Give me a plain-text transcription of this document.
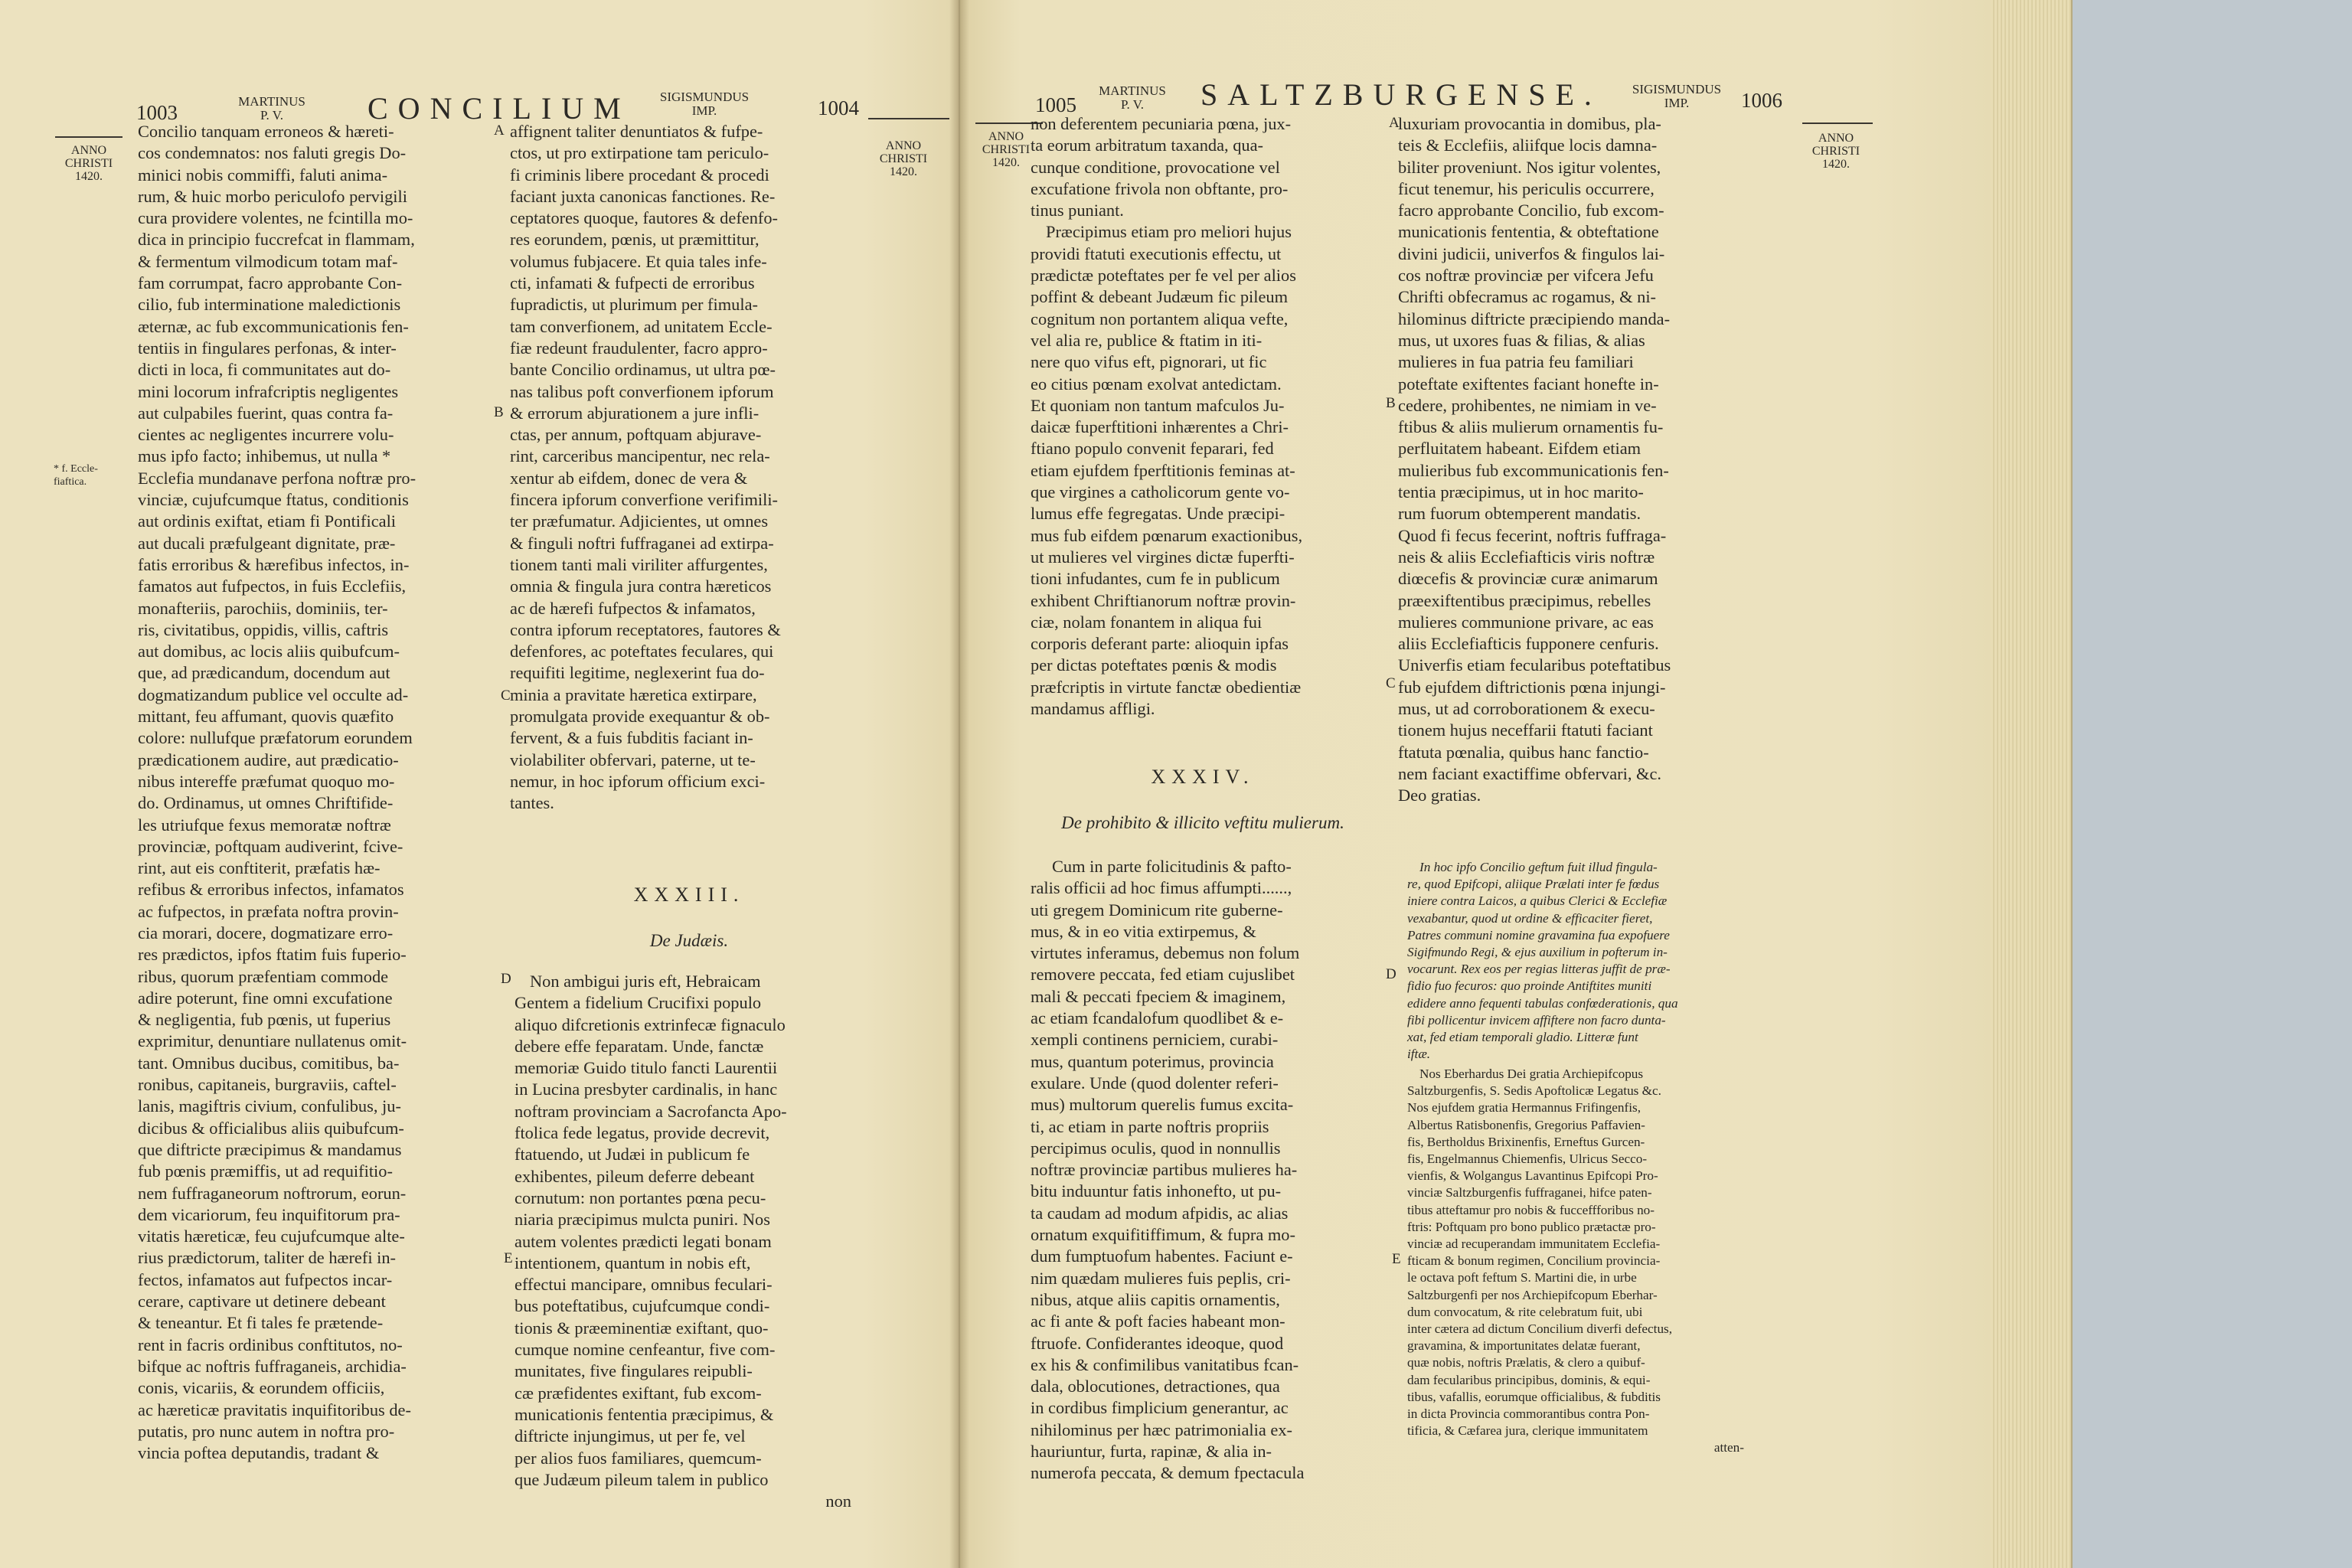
1003	MARTINUS
P. V.	CONCILIUM	SIGISMUNDUS
IMP.	1004
ANNO
CHRISTI
1420.
ANNO
CHRISTI
1420.
* f. Eccle-
fiaftica.
Concilio tanquam erroneos & hæreti-
cos condemnatos: nos faluti gregis Do-
minici nobis commiffi, faluti anima-
rum, & huic morbo periculofo pervigili
cura providere volentes, ne fcintilla mo-
dica in principio fuccrefcat in flammam,
& fermentum vilmodicum totam maf-
fam corrumpat, facro approbante Con-
cilio, fub interminatione maledictionis
æternæ, ac fub excommunicationis fen-
tentiis in fingulares perfonas, & inter-
dicti in loca, fi communitates aut do-
mini locorum infrafcriptis negligentes
aut culpabiles fuerint, quas contra fa-
cientes ac negligentes incurrere volu-
mus ipfo facto; inhibemus, ut nulla *
Ecclefia mundanave perfona noftræ pro-
vinciæ, cujufcumque ftatus, conditionis
aut ordinis exiftat, etiam fi Pontificali
aut ducali præfulgeant dignitate, præ-
fatis erroribus & hærefibus infectos, in-
famatos aut fufpectos, in fuis Ecclefiis,
monafteriis, parochiis, dominiis, ter-
ris, civitatibus, oppidis, villis, caftris
aut domibus, ac locis aliis quibufcum-
que, ad prædicandum, docendum aut
dogmatizandum publice vel occulte ad-
mittant, feu affumant, quovis quæfito
colore: nullufque præfatorum eorundem
prædicationem audire, aut prædicatio-
nibus intereffe præfumat quoquo mo-
do. Ordinamus, ut omnes Chriftifide-
les utriufque fexus memoratæ noftræ
provinciæ, poftquam audiverint, fcive-
rint, aut eis conftiterit, præfatis hæ-
refibus & erroribus infectos, infamatos
ac fufpectos, in præfata noftra provin-
cia morari, docere, dogmatizare erro-
res prædictos, ipfos ftatim fuis fuperio-
ribus, quorum præfentiam commode
adire poterunt, fine omni excufatione
& negligentia, fub pœnis, ut fuperius
exprimitur, denuntiare nullatenus omit-
tant. Omnibus ducibus, comitibus, ba-
ronibus, capitaneis, burgraviis, caftel-
lanis, magiftris civium, confulibus, ju-
dicibus & officialibus aliis quibufcum-
que diftricte præcipimus & mandamus
fub pœnis præmiffis, ut ad requifitio-
nem fuffraganeorum noftrorum, eorun-
dem vicariorum, feu inquifitorum pra-
vitatis hæreticæ, feu cujufcumque alte-
rius prædictorum, taliter de hærefi in-
fectos, infamatos aut fufpectos incar-
cerare, captivare ut detinere debeant
& teneantur. Et fi tales fe prætende-
rent in facris ordinibus conftitutos, no-
bifque ac noftris fuffraganeis, archidia-
conis, vicariis, & eorundem officiis,
ac hæreticæ pravitatis inquifitoribus de-
putatis, pro nunc autem in noftra pro-
vincia poftea deputandis, tradant &
A
B
C
D
E
affignent taliter denuntiatos & fufpe-
ctos, ut pro extirpatione tam periculo-
fi criminis libere procedant & procedi
faciant juxta canonicas fanctiones. Re-
ceptatores quoque, fautores & defenfo-
res eorundem, pœnis, ut præmittitur,
volumus fubjacere. Et quia tales infe-
cti, infamati & fufpecti de erroribus
fupradictis, ut plurimum per fimula-
tam converfionem, ad unitatem Eccle-
fiæ redeunt fraudulenter, facro appro-
bante Concilio ordinamus, ut ultra pœ-
nas talibus poft converfionem ipforum
& errorum abjurationem a jure infli-
ctas, per annum, poftquam abjurave-
rint, carceribus mancipentur, nec rela-
xentur ab eifdem, donec de vera &
fincera ipforum converfione verifimili-
ter præfumatur. Adjicientes, ut omnes
& finguli noftri fuffraganei ad extirpa-
tionem tanti mali viriliter affurgentes,
omnia & fingula jura contra hæreticos
ac de hærefi fufpectos & infamatos,
contra ipforum receptatores, fautores &
defenfores, ac poteftates feculares, qui
requifiti legitime, neglexerint fua do-
minia a pravitate hæretica extirpare,
promulgata provide exequantur & ob-
fervent, & a fuis fubditis faciant in-
violabiliter obfervari, paterne, ut te-
nemur, in hoc ipforum officium exci-
tantes.
XXXIII.
De Judæis.
Non ambigui juris eft, Hebraicam
Gentem a fidelium Crucifixi populo
aliquo difcretionis extrinfecæ fignaculo
debere effe feparatam. Unde, fanctæ
memoriæ Guido titulo fancti Laurentii
in Lucina presbyter cardinalis, in hanc
noftram provinciam a Sacrofancta Apo-
ftolica fede legatus, provide decrevit,
ftatuendo, ut Judæi in publicum fe
exhibentes, pileum deferre debeant
cornutum: non portantes pœna pecu-
niaria præcipimus mulcta puniri. Nos
autem volentes prædicti legati bonam
intentionem, quantum in nobis eft,
effectui mancipare, omnibus feculari-
bus poteftatibus, cujufcumque condi-
tionis & præeminentiæ exiftant, quo-
cumque nomine cenfeantur, five com-
munitates, five fingulares reipubli-
cæ præfidentes exiftant, fub excom-
municationis fententia præcipimus, &
diftricte injungimus, ut per fe, vel
per alios fuos familiares, quemcum-
que Judæum pileum talem in publico
non
1005
MARTINUS
P. V.	SALTZBURGENSE.	SIGISMUNDUS
IMP.	1006
ANNO
CHRISTI
1420.
ANNO
CHRISTI
1420.
non deferentem pecuniaria pœna, jux-
ta eorum arbitratum taxanda, qua-
cunque conditione, provocatione vel
excufatione frivola non obftante, pro-
tinus puniant.
Præcipimus etiam pro meliori hujus
providi ftatuti executionis effectu, ut
prædictæ poteftates per fe vel per alios
poffint & debeant Judæum fic pileum
cognitum non portantem aliqua vefte,
vel alia re, publice & ftatim in iti-
nere quo vifus eft, pignorari, ut fic
eo citius pœnam exolvat antedictam.
Et quoniam non tantum mafculos Ju-
daicæ fuperftitioni inhærentes a Chri-
ftiano populo convenit feparari, fed
etiam ejufdem fperftitionis feminas at-
que virgines a catholicorum gente vo-
lumus effe fegregatas. Unde præcipi-
mus fub eifdem pœnarum exactionibus,
ut mulieres vel virgines dictæ fuperfti-
tioni infudantes, cum fe in publicum
exhibent Chriftianorum noftræ provin-
ciæ, nolam fonantem in aliqua fui
corporis deferant parte: alioquin ipfas
per dictas poteftates pœnis & modis
præfcriptis in virtute fanctæ obedientiæ
mandamus affligi.
XXXIV.
De prohibito & illicito veftitu mulierum.
Cum in parte folicitudinis & pafto-
ralis officii ad hoc fimus affumpti......,
uti gregem Dominicum rite guberne-
mus, & in eo vitia extirpemus, &
virtutes inferamus, debemus non folum
removere peccata, fed etiam cujuslibet
mali & peccati fpeciem & imaginem,
ac etiam fcandalofum quodlibet & e-
xempli continens perniciem, curabi-
mus, quantum poterimus, provincia
exulare. Unde (quod dolenter referi-
mus) multorum querelis fumus excita-
ti, ac etiam in parte noftris propriis
percipimus oculis, quod in nonnullis
noftræ provinciæ partibus mulieres ha-
bitu induuntur fatis inhonefto, ut pu-
ta caudam ad modum afpidis, ac alias
ornatum exquifitiffimum, & fupra mo-
dum fumptuofum habentes. Faciunt e-
nim quædam mulieres fuis peplis, cri-
nibus, atque aliis capitis ornamentis,
ac fi ante & poft facies habeant mon-
ftruofe. Confiderantes ideoque, quod
ex his & confimilibus vanitatibus fcan-
dala, oblocutiones, detractiones, qua
in cordibus fimplicium generantur, ac
nihilominus per hæc patrimonialia ex-
hauriuntur, furta, rapinæ, & alia in-
numerofa peccata, & demum fpectacula
A
B
C
D
E
luxuriam provocantia in domibus, pla-
teis & Ecclefiis, aliifque locis damna-
biliter proveniunt. Nos igitur volentes,
ficut tenemur, his periculis occurrere,
facro approbante Concilio, fub excom-
municationis fententia, & obteftatione
divini judicii, univerfos & fingulos lai-
cos noftræ provinciæ per vifcera Jefu
Chrifti obfecramus ac rogamus, & ni-
hilominus diftricte præcipiendo manda-
mus, ut uxores fuas & filias, & alias
mulieres in fua patria feu familiari
poteftate exiftentes faciant honefte in-
cedere, prohibentes, ne nimiam in ve-
ftibus & aliis mulierum ornamentis fu-
perfluitatem habeant. Eifdem etiam
mulieribus fub excommunicationis fen-
tentia præcipimus, ut in hoc marito-
rum fuorum obtemperent mandatis.
Quod fi fecus fecerint, noftris fuffraga-
neis & aliis Ecclefiafticis viris noftræ
diœcefis & provinciæ curæ animarum
præexiftentibus præcipimus, rebelles
mulieres communione privare, ac eas
aliis Ecclefiafticis fupponere cenfuris.
Univerfis etiam fecularibus poteftatibus
fub ejufdem diftrictionis pœna injungi-
mus, ut ad corroborationem & execu-
tionem hujus neceffarii ftatuti faciant
ftatuta pœnalia, quibus hanc fanctio-
nem faciant exactiffime obfervari, &c.
Deo gratias.
In hoc ipfo Concilio geftum fuit illud fingula-
re, quod Epifcopi, aliique Prælati inter fe fœdus
iniere contra Laicos, a quibus Clerici & Ecclefiæ
vexabantur, quod ut ordine & efficaciter fieret,
Patres communi nomine gravamina fua expofuere
Sigifmundo Regi, & ejus auxilium in pofterum in-
vocarunt. Rex eos per regias litteras juffit de præ-
fidio fuo fecuros: quo proinde Antiftites muniti
edidere anno fequenti tabulas confœderationis, qua
fibi pollicentur invicem affiftere non facro dunta-
xat, fed etiam temporali gladio. Litteræ funt
iftæ.
Nos Eberhardus Dei gratia Archiepifcopus
Saltzburgenfis, S. Sedis Apoftolicæ Legatus &c.
Nos ejufdem gratia Hermannus Frifingenfis,
Albertus Ratisbonenfis, Gregorius Paffavien-
fis, Bertholdus Brixinenfis, Erneftus Gurcen-
fis, Engelmannus Chiemenfis, Ulricus Secco-
vienfis, & Wolgangus Lavantinus Epifcopi Pro-
vinciæ Saltzburgenfis fuffraganei, hifce paten-
tibus atteftamur pro nobis & fucceffforibus no-
ftris: Poftquam pro bono publico prætactæ pro-
vinciæ ad recuperandam immunitatem Ecclefia-
fticam & bonum regimen, Concilium provincia-
le octava poft feftum S. Martini die, in urbe
Saltzburgenfi per nos Archiepifcopum Eberhar-
dum convocatum, & rite celebratum fuit, ubi
inter cætera ad dictum Concilium diverfi defectus,
gravamina, & importunitates delatæ fuerant,
quæ nobis, noftris Prælatis, & clero a quibuf-
dam fecularibus principibus, dominis, & equi-
tibus, vafallis, eorumque officialibus, & fubditis
in dicta Provincia commorantibus contra Pon-
tificia, & Cæfarea jura, clerique immunitatem
atten-
